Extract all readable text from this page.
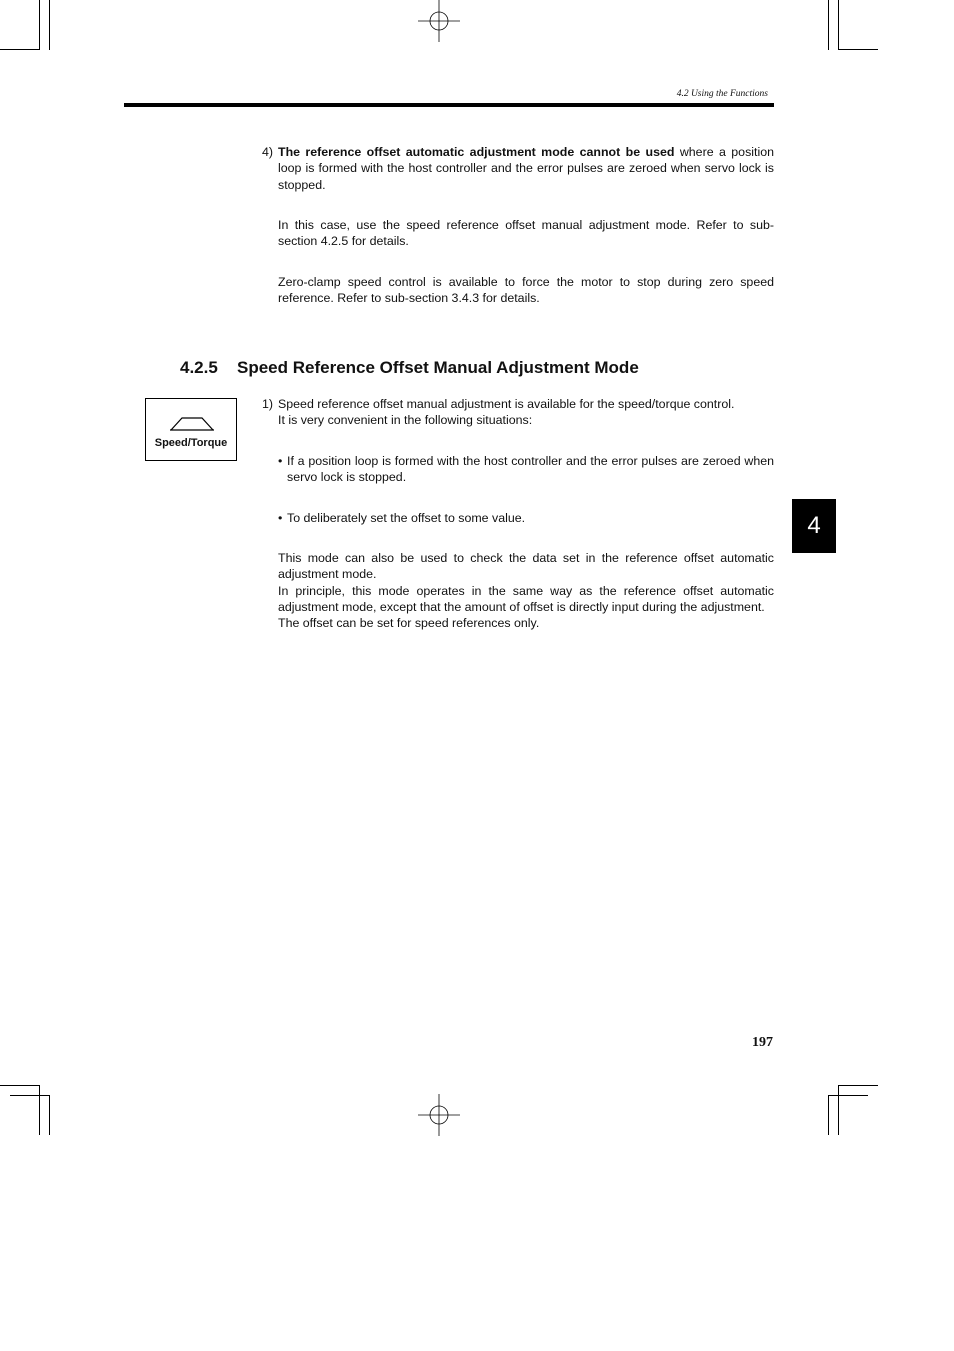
4.2 Using the Functions
4) The reference offset automatic adjustment mode cannot be used where a position loop is formed with the host controller and the error pulses are zeroed when servo lock is stopped.

In this case, use the speed reference offset manual adjustment mode. Refer to sub-section 4.2.5 for details.
Zero-clamp speed control is available to force the motor to stop during zero speed reference. Refer to sub-section 3.4.3 for details.
4.2.5 Speed Reference Offset Manual Adjustment Mode
Speed/Torque
1) Speed reference offset manual adjustment is available for the speed/torque control.

It is very convenient in the following situations:

• If a position loop is formed with the host controller and the error pulses are zeroed when servo lock is stopped.
• To deliberately set the offset to some value.

This mode can also be used to check the data set in the reference offset automatic adjustment mode.

In principle, this mode operates in the same way as the reference offset automatic adjustment mode, except that the amount of offset is directly input during the adjustment.

The offset can be set for speed references only.

4
197
